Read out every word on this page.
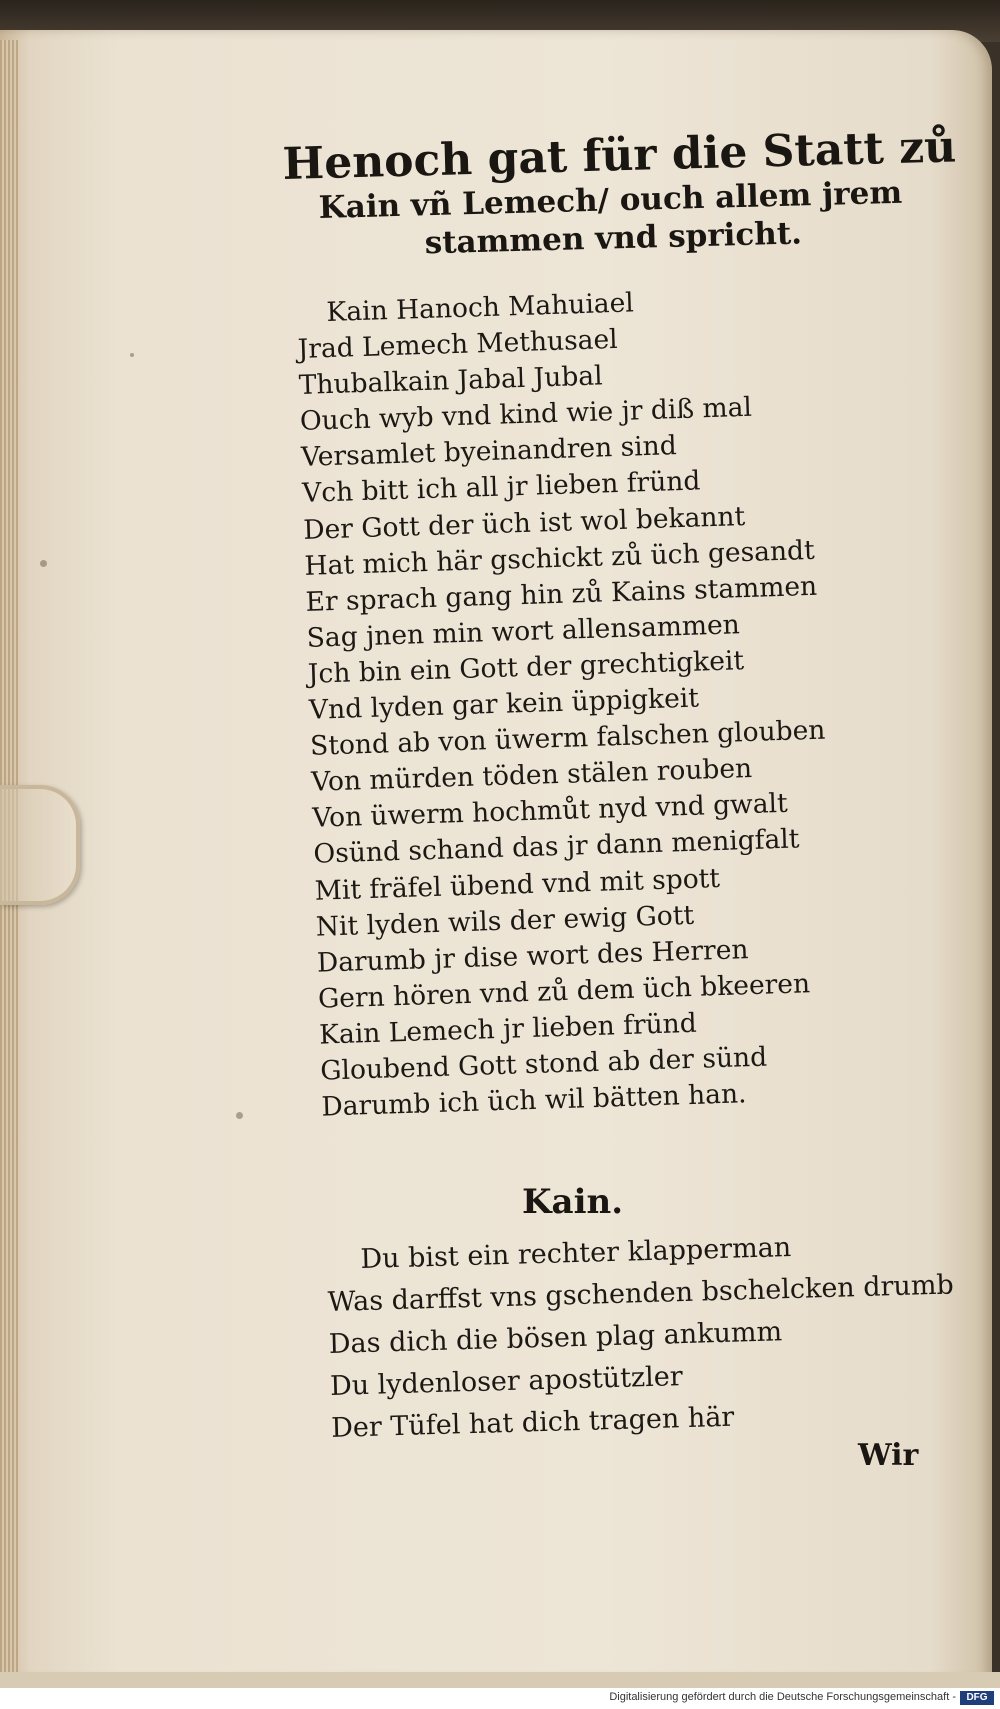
Henoch gat für die Statt zů
Kain vñ Lemech/ ouch allem jrem
stammen vnd spricht.
Kain Hanoch Mahuiael
Jrad Lemech Methusael
Thubalkain Jabal Jubal
Ouch wyb vnd kind wie jr diß mal
Versamlet byeinandren sind
Vch bitt ich all jr lieben fründ
Der Gott der üch ist wol bekannt
Hat mich här gschickt zů üch gesandt
Er sprach gang hin zů Kains stammen
Sag jnen min wort allensammen
Jch bin ein Gott der grechtigkeit
Vnd lyden gar kein üppigkeit
Stond ab von üwerm falschen glouben
Von mürden töden stälen rouben
Von üwerm hochmůt nyd vnd gwalt
Osünd schand das jr dann menigfalt
Mit fräfel übend vnd mit spott
Nit lyden wils der ewig Gott
Darumb jr dise wort des Herren
Gern hören vnd zů dem üch bkeeren
Kain Lemech jr lieben fründ
Gloubend Gott stond ab der sünd
Darumb ich üch wil bätten han.
Kain.
Du bist ein rechter klapperman
Was darffst vns gschenden bschelcken drumb
Das dich die bösen plag ankumm
Du lydenloser apostützler
Der Tüfel hat dich tragen här
Wir
Digitalisierung gefördert durch die Deutsche Forschungsgemeinschaft -	DFG
